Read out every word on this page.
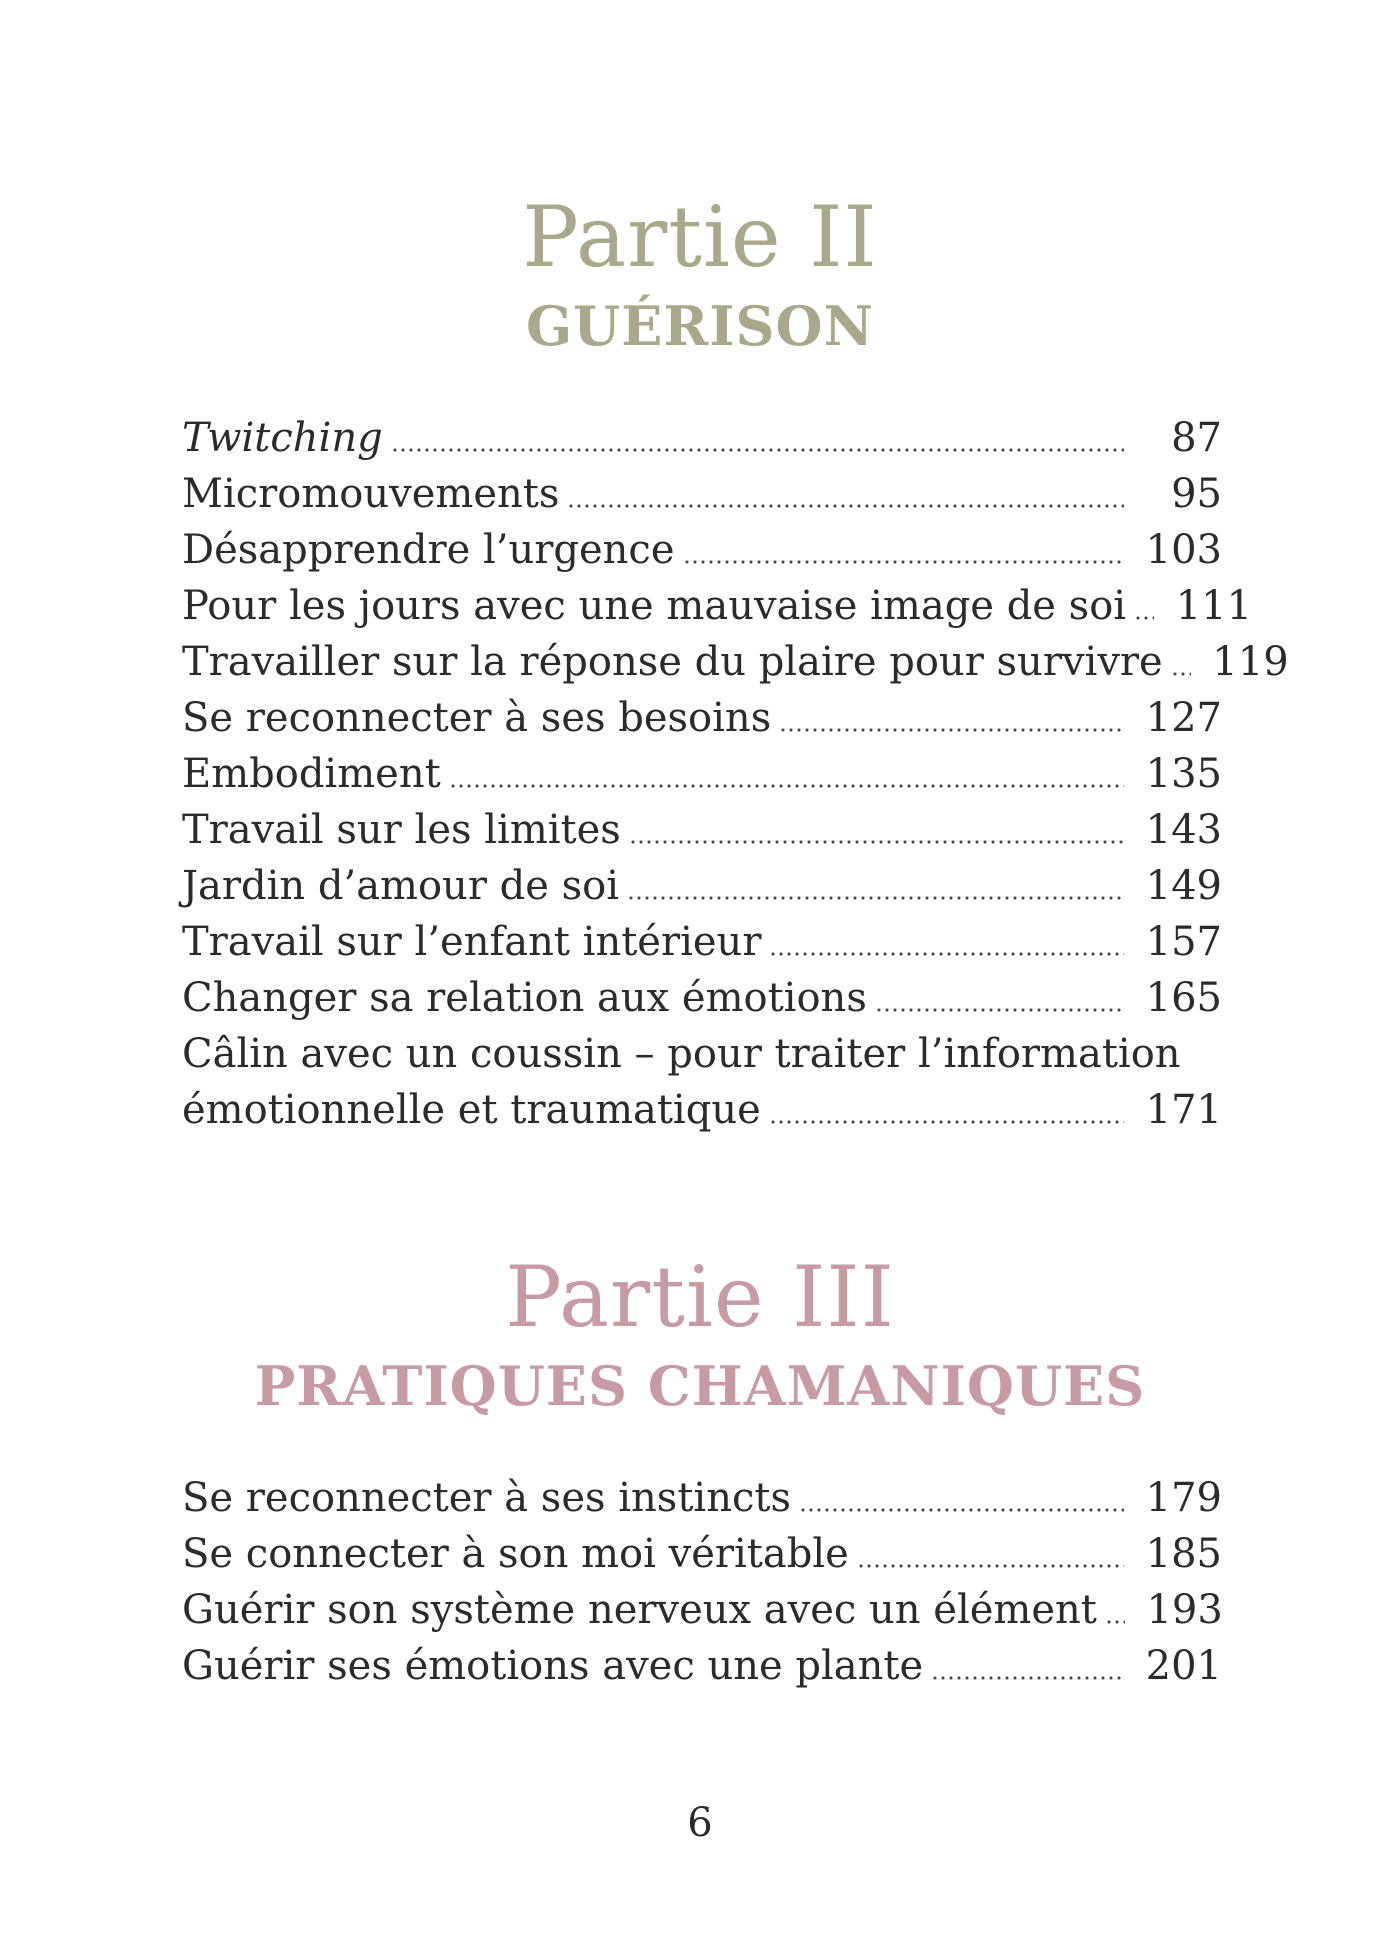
Partie II
GUÉRISON
Twitching	87
Micromouvements	95
Désapprendre l’urgence	103
Pour les jours avec une mauvaise image de soi	111
Travailler sur la réponse du plaire pour survivre	119
Se reconnecter à ses besoins	127
Embodiment	135
Travail sur les limites	143
Jardin d’amour de soi	149
Travail sur l’enfant intérieur	157
Changer sa relation aux émotions	165
Câlin avec un coussin – pour traiter l’information
émotionnelle et traumatique	171
Partie III
PRATIQUES CHAMANIQUES
Se reconnecter à ses instincts	179
Se connecter à son moi véritable	185
Guérir son système nerveux avec un élément	193
Guérir ses émotions avec une plante	201
6
